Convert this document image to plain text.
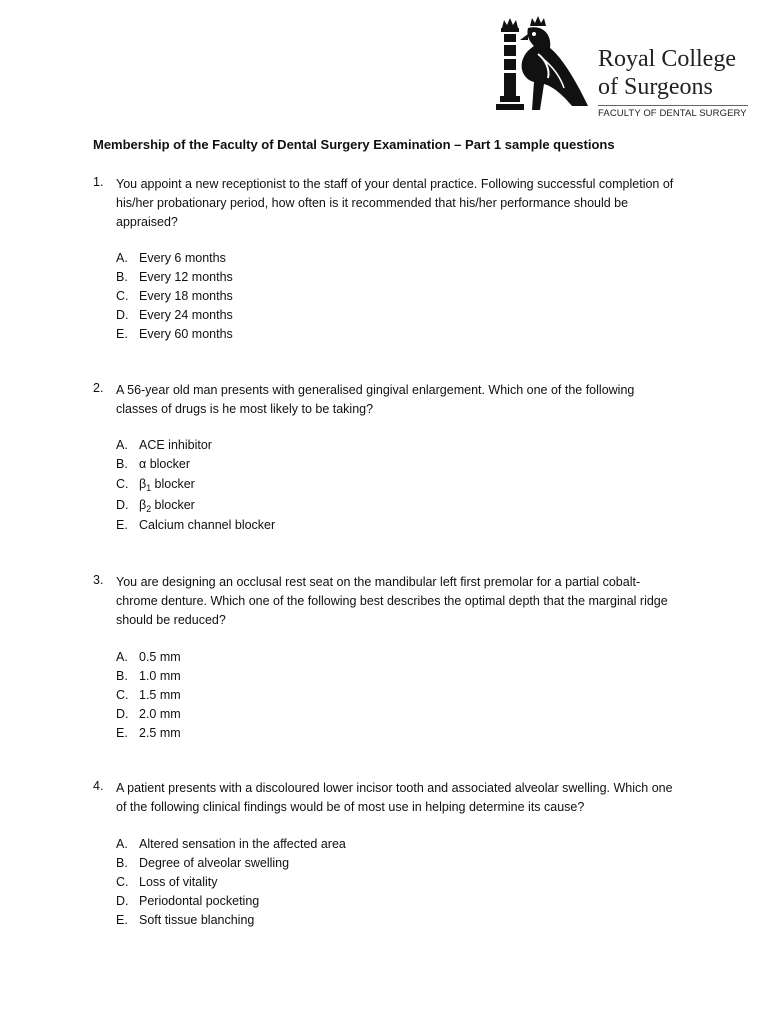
Royal College
of Surgeons
FACULTY OF DENTAL SURGERY
Membership of the Faculty of Dental Surgery Examination – Part 1 sample questions
1. You appoint a new receptionist to the staff of your dental practice. Following successful completion of his/her probationary period, how often is it recommended that his/her performance should be appraised?
A. Every 6 months
B. Every 12 months
C. Every 18 months
D. Every 24 months
E. Every 60 months
2. A 56-year old man presents with generalised gingival enlargement. Which one of the following classes of drugs is he most likely to be taking?
A. ACE inhibitor
B. α blocker
C. $\beta_1$ blocker
D. $\beta_2$ blocker
E. Calcium channel blocker
3. You are designing an occlusal rest seat on the mandibular left first premolar for a partial cobalt-chrome denture. Which one of the following best describes the optimal depth that the marginal ridge should be reduced?
A. 0.5 mm
B. 1.0 mm
C. 1.5 mm
D. 2.0 mm
E. 2.5 mm
4. A patient presents with a discoloured lower incisor tooth and associated alveolar swelling. Which one of the following clinical findings would be of most use in helping determine its cause?
A. Altered sensation in the affected area
B. Degree of alveolar swelling
C. Loss of vitality
D. Periodontal pocketing
E. Soft tissue blanching
